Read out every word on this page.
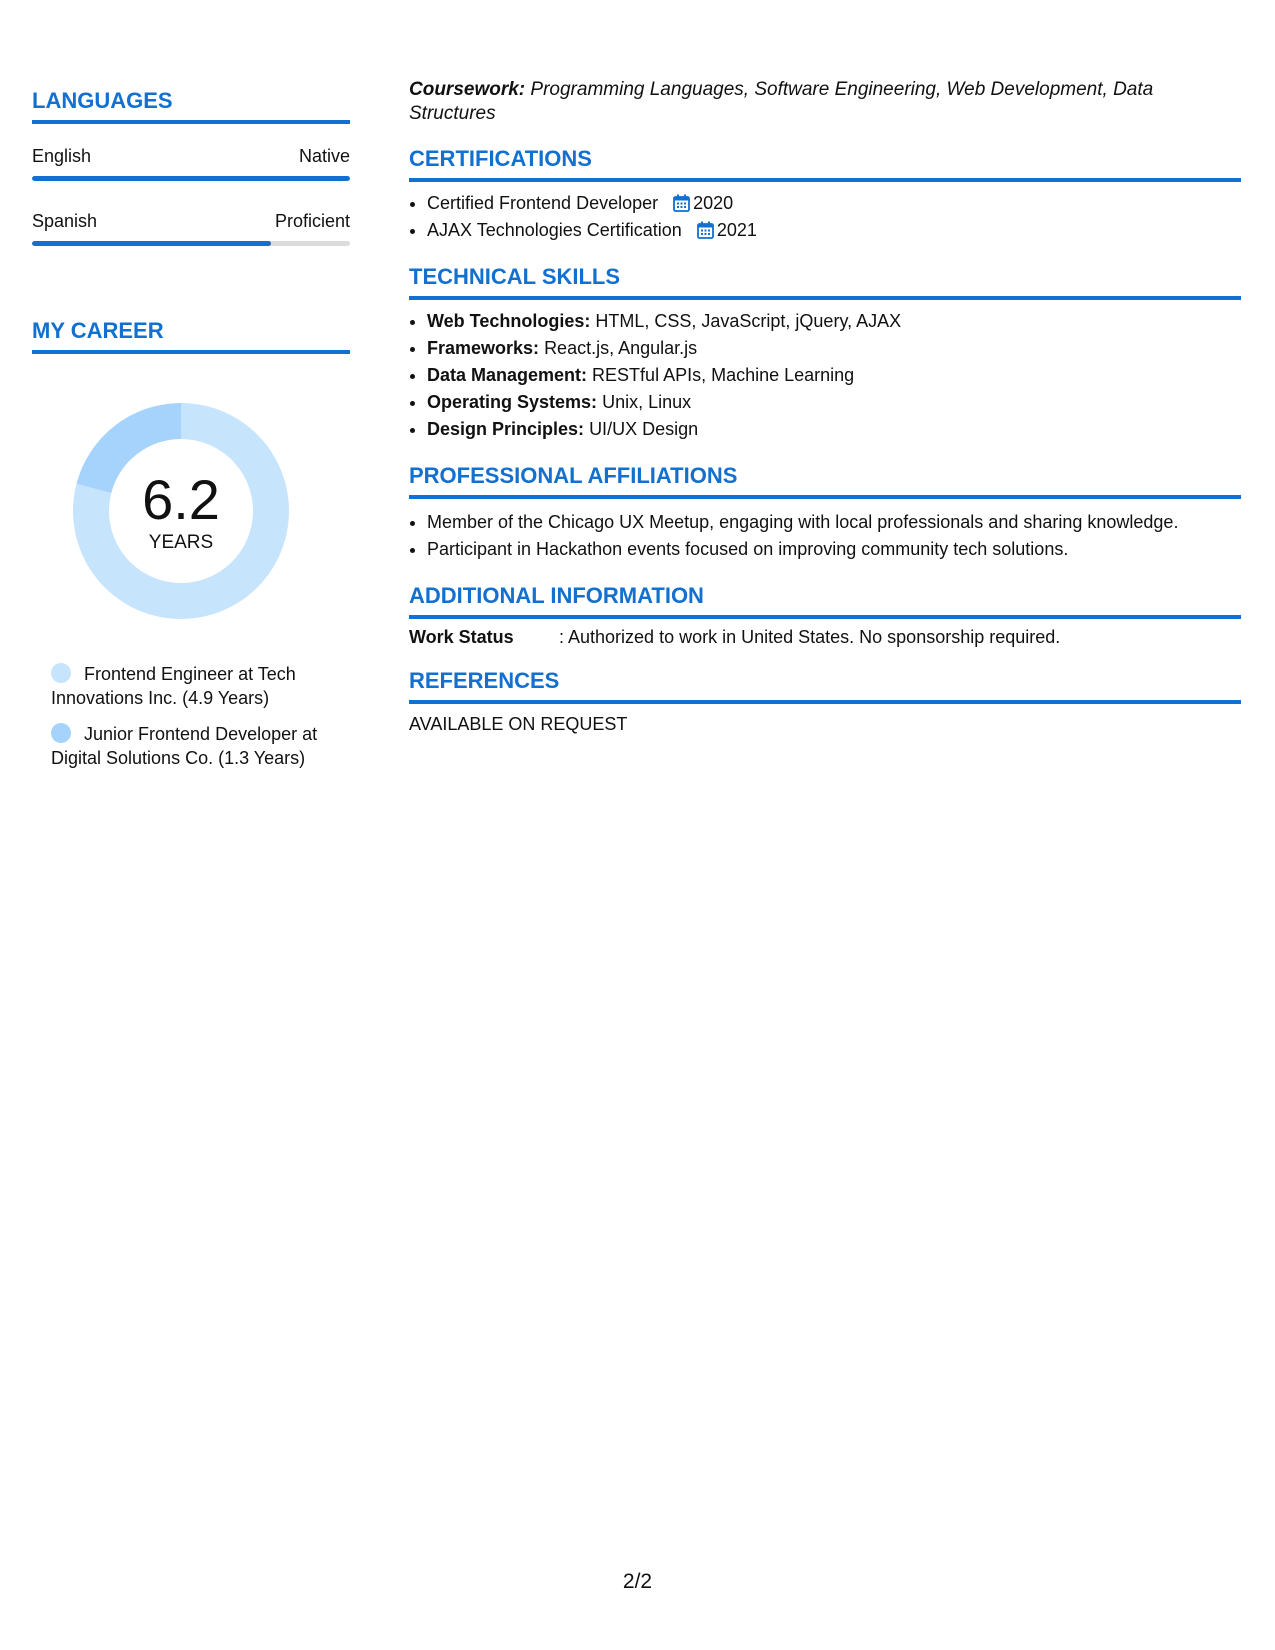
LANGUAGES
English	Native
Spanish	Proficient
MY CAREER
6.2
YEARS
Frontend Engineer at Tech Innovations Inc. (4.9 Years)
Junior Frontend Developer at Digital Solutions Co. (1.3 Years)
Coursework: Programming Languages, Software Engineering, Web Development, Data Structures
CERTIFICATIONS
• Certified Frontend Developer 2020
• AJAX Technologies Certification 2021
TECHNICAL SKILLS
• Web Technologies: HTML, CSS, JavaScript, jQuery, AJAX
• Frameworks: React.js, Angular.js
• Data Management: RESTful APIs, Machine Learning
• Operating Systems: Unix, Linux
• Design Principles: UI/UX Design
PROFESSIONAL AFFILIATIONS
• Member of the Chicago UX Meetup, engaging with local professionals and sharing knowledge.
• Participant in Hackathon events focused on improving community tech solutions.
ADDITIONAL INFORMATION
Work Status	: Authorized to work in United States. No sponsorship required.
REFERENCES
AVAILABLE ON REQUEST
2/2
